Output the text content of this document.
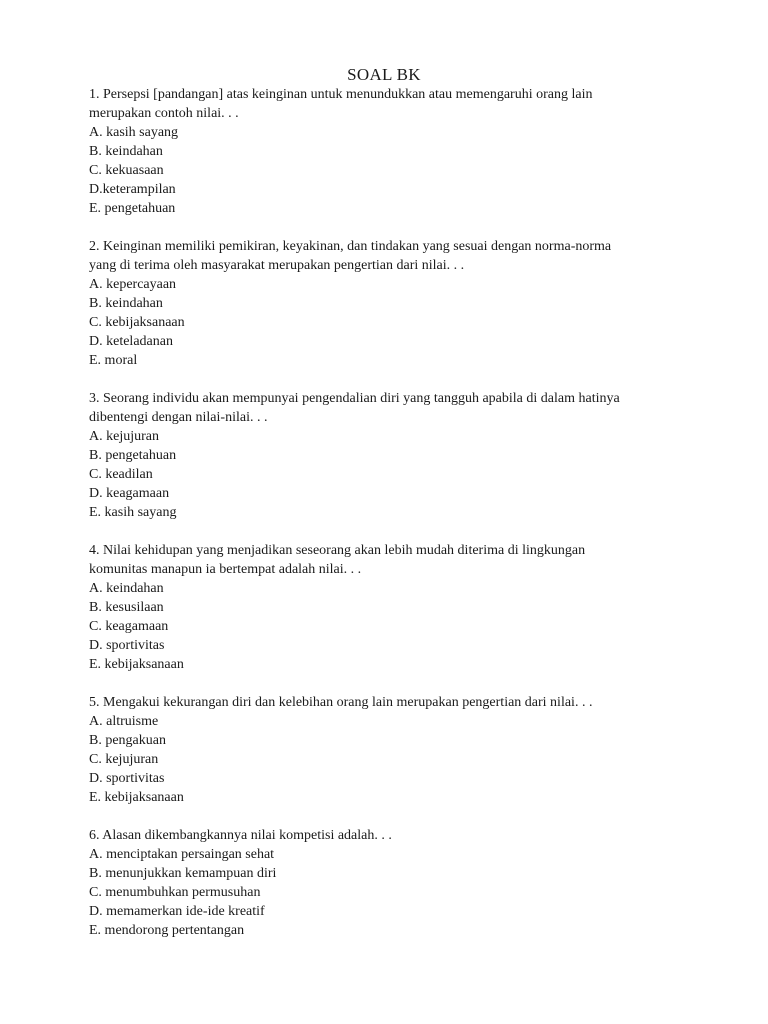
SOAL BK

1. Persepsi [pandangan] atas keinginan untuk menundukkan atau memengaruhi orang lain
merupakan contoh nilai. . .

A. kasih sayang
B. keindahan
C. kekuasaan
D.keterampilan
E. pengetahuan

2. Keinginan memiliki pemikiran, keyakinan, dan tindakan yang sesuai dengan norma-norma
yang di terima oleh masyarakat merupakan pengertian dari nilai. . .

A. kepercayaan
B. keindahan
C. kebijaksanaan
D. keteladanan
E. moral

3. Seorang individu akan mempunyai pengendalian diri yang tangguh apabila di dalam hatinya
dibentengi dengan nilai-nilai. . .

A. kejujuran
B. pengetahuan
C. keadilan
D. keagamaan
E. kasih sayang

4. Nilai kehidupan yang menjadikan seseorang akan lebih mudah diterima di lingkungan
komunitas manapun ia bertempat adalah nilai. . .

A. keindahan
B. kesusilaan
C. keagamaan
D. sportivitas
E. kebijaksanaan

5. Mengakui kekurangan diri dan kelebihan orang lain merupakan pengertian dari nilai. . .

A. altruisme
B. pengakuan
C. kejujuran
D. sportivitas
E. kebijaksanaan

6. Alasan dikembangkannya nilai kompetisi adalah. . .

A. menciptakan persaingan sehat
B. menunjukkan kemampuan diri
C. menumbuhkan permusuhan
D. memamerkan ide-ide kreatif
E. mendorong pertentangan
